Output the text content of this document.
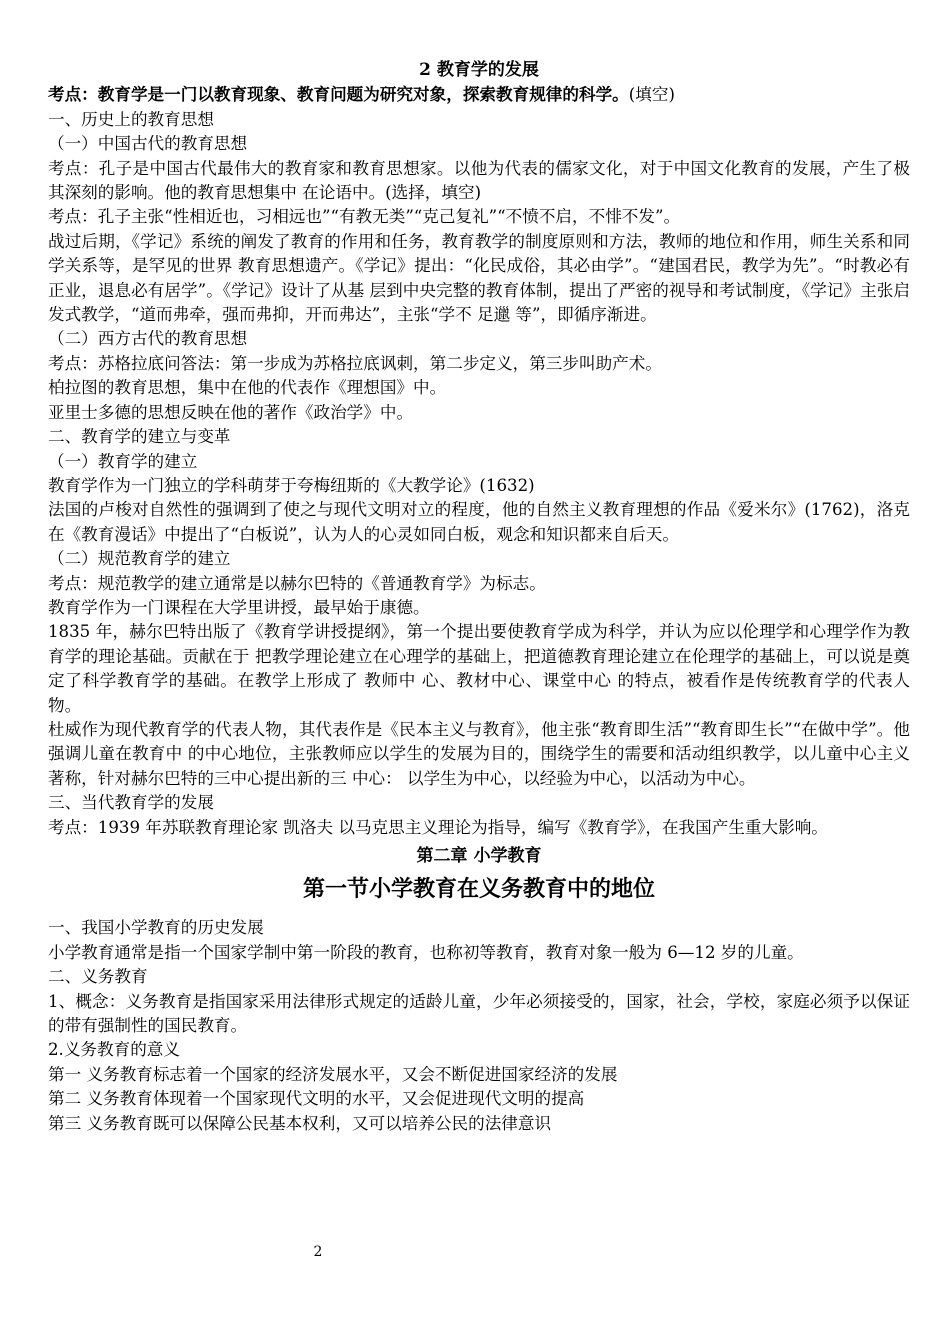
2 教育学的发展

考点：教育学是一门以教育现象、教育问题为研究对象，探索教育规律的科学。(填空)

一、历史上的教育思想

（一）中国古代的教育思想

考点：孔子是中国古代最伟大的教育家和教育思想家。以他为代表的儒家文化，对于中国文化教育的发展，产生了极其深刻的影响。他的教育思想集中 在论语中。(选择，填空)

考点：孔子主张“性相近也，习相远也”“有教无类”“克己复礼”“不愤不启，不悱不发”。

战过后期，《学记》系统的阐发了教育的作用和任务，教育教学的制度原则和方法，教师的地位和作用，师生关系和同学关系等，是罕见的世界 教育思想遗产。《学记》提出：“化民成俗，其必由学”。“建国君民，教学为先”。“时教必有正业，退息必有居学”。《学记》设计了从基 层到中央完整的教育体制，提出了严密的视导和考试制度，《学记》主张启发式教学，“道而弗牵，强而弗抑，开而弗达”，主张“学不 足邋 等”，即循序渐进。

（二）西方古代的教育思想

考点：苏格拉底问答法：第一步成为苏格拉底讽刺，第二步定义，第三步叫助产术。

柏拉图的教育思想，集中在他的代表作《理想国》中。

亚里士多德的思想反映在他的著作《政治学》中。

二、教育学的建立与变革

（一）教育学的建立

教育学作为一门独立的学科萌芽于夸梅纽斯的《大教学论》(1632)

法国的卢梭对自然性的强调到了使之与现代文明对立的程度，他的自然主义教育理想的作品《爱米尔》(1762)，洛克在《教育漫话》中提出了“白板说”，认为人的心灵如同白板，观念和知识都来自后天。

（二）规范教育学的建立

考点：规范教学的建立通常是以赫尔巴特的《普通教育学》为标志。

教育学作为一门课程在大学里讲授，最早始于康德。

1835 年，赫尔巴特出版了《教育学讲授提纲》，第一个提出要使教育学成为科学，并认为应以伦理学和心理学作为教育学的理论基础。贡献在于 把教学理论建立在心理学的基础上，把道德教育理论建立在伦理学的基础上，可以说是奠定了科学教育学的基础。在教学上形成了 教师中 心、教材中心、课堂中心 的特点，被看作是传统教育学的代表人物。

杜威作为现代教育学的代表人物，其代表作是《民本主义与教育》，他主张“教育即生活”“教育即生长”“在做中学”。他强调儿童在教育中 的中心地位，主张教师应以学生的发展为目的，围绕学生的需要和活动组织教学，以儿童中心主义著称，针对赫尔巴特的三中心提出新的三 中心： 以学生为中心，以经验为中心，以活动为中心。

三、当代教育学的发展

考点：1939 年苏联教育理论家 凯洛夫 以马克思主义理论为指导，编写《教育学》，在我国产生重大影响。

第二章 小学教育

第一节小学教育在义务教育中的地位

一、我国小学教育的历史发展

小学教育通常是指一个国家学制中第一阶段的教育，也称初等教育，教育对象一般为 6—12 岁的儿童。

二、义务教育

1、概念：义务教育是指国家采用法律形式规定的适龄儿童，少年必须接受的，国家，社会，学校，家庭必须予以保证的带有强制性的国民教育。

2.义务教育的意义

第一 义务教育标志着一个国家的经济发展水平，又会不断促进国家经济的发展

第二 义务教育体现着一个国家现代文明的水平，又会促进现代文明的提高

第三 义务教育既可以保障公民基本权利，又可以培养公民的法律意识

2
